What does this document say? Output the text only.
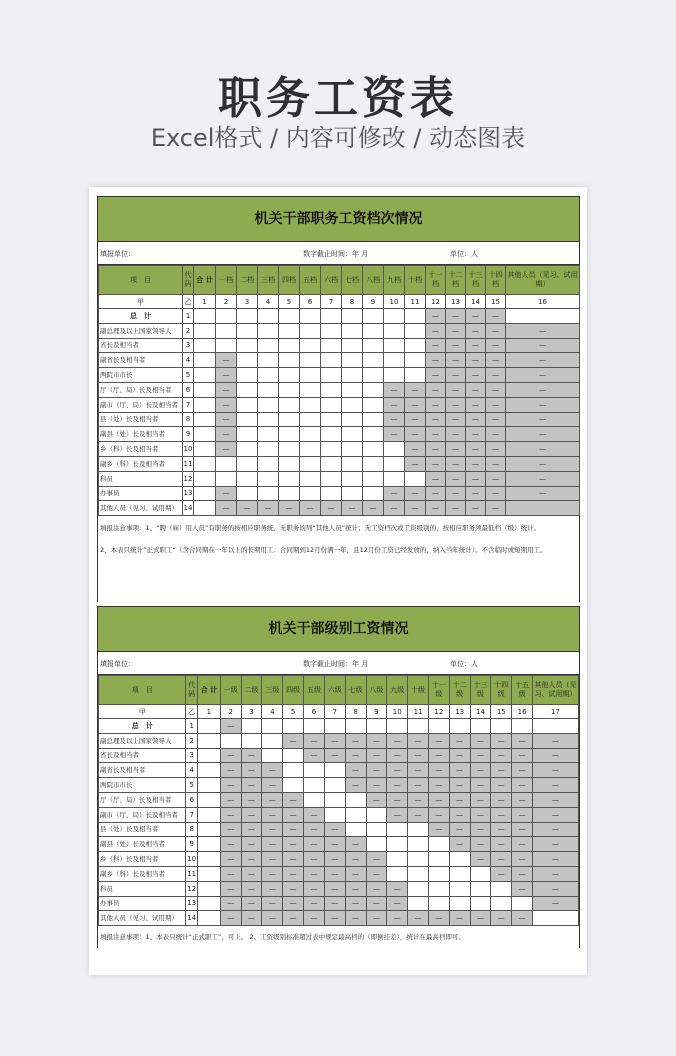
职务工资表
Excel格式 / 内容可修改 / 动态图表
机关干部职务工资档次情况
填报单位：	数字截止时间：年 月	单位：人
项　目	代码	合 计	一档	二档	三档	四档	五档	六档	七档	八档	九档	十档	十一档	十二档	十三档	十四档	其他人员（见习、试用期）
甲	乙	1	2	3	4	5	6	7	8	9	10	11	12	13	14	15	16
总　计	1												—	—	—	—	
副总理及以上国家领导人	2												—	—	—	—	—
省长及相当者	3												—	—	—	—	—
副省长及相当者	4		—										—	—	—	—	—
两院市市长	5		—										—	—	—	—	—
厅（厅、局）长及相当者	6		—								—	—	—	—	—	—	—
副市（厅、局）长及相当者	7		—								—	—	—	—	—	—	—
县（处）长及相当者	8		—								—	—	—	—	—	—	—
副县（处）长及相当者	9		—								—	—	—	—	—	—	—
乡（科）长及相当者	10		—									—	—	—	—	—	—
副乡（科）长及相当者	11											—	—	—	—	—	—
科员	12												—	—	—	—	—
办事员	13		—								—	—	—	—	—	—	—
其他人员（见习、试用期）	14		—	—	—	—	—	—	—	—	—	—	—	—	—	—	
填报注意事项：1、“聘（雇）用人员”有职务的按相应职务统，无职务的列“其他人员”统计；无工资档次或工资级别的，按相应职务须最低档（级）统计。
2、本表只统计“正式职工”（含合同期在一年以上的长期用工：合同期到12月份满一年，且12月份工资已经发放的，纳入当年统计）。不含临时或短期用工。
机关干部级别工资情况
填报单位：	数字截止时间：年 月	单位：人
项　目	代码	合 计	一级	二级	三级	四级	五级	六级	七级	八级	九级	十级	十一级	十二级	十三级	十四级	十五级	其他人员（见习、试用期）
甲	乙	1	2	3	4	5	6	7	8	9	10	11	12	13	14	15	16	17
总　计	1		—															
副总理及以上国家领导人	2					—	—	—	—	—	—	—	—	—	—	—	—	—
省长及相当者	3		—	—			—	—	—	—	—	—	—	—	—	—	—	—
副省长及相当者	4		—	—	—				—	—	—	—	—	—	—	—	—	—
两院市市长	5		—	—	—				—	—	—	—	—	—	—	—	—	—
厅（厅、局）长及相当者	6		—	—	—	—				—	—	—	—	—	—	—	—	—
副市（厅、局）长及相当者	7		—	—	—	—	—				—	—	—	—	—	—	—	—
县（处）长及相当者	8		—	—	—	—	—	—					—	—	—	—	—	—
副县（处）长及相当者	9		—	—	—	—	—	—	—					—	—	—	—	—
乡（科）长及相当者	10		—	—	—	—	—	—	—	—					—	—	—	—
副乡（科）长及相当者	11		—	—	—	—	—	—	—	—						—	—	—
科员	12		—	—	—	—	—	—	—	—	—						—	—
办事员	13		—	—	—	—	—	—	—	—	—							—
其他人员（见习、试用期）	14		—	—	—	—	—	—	—	—	—	—	—	—	—	—	—	
填报注意事项：1、本表只统计“正式职工”，可上。 2、工资级别标准超过表中规定最高档的（即倒挂差），统计在最高档即可。
